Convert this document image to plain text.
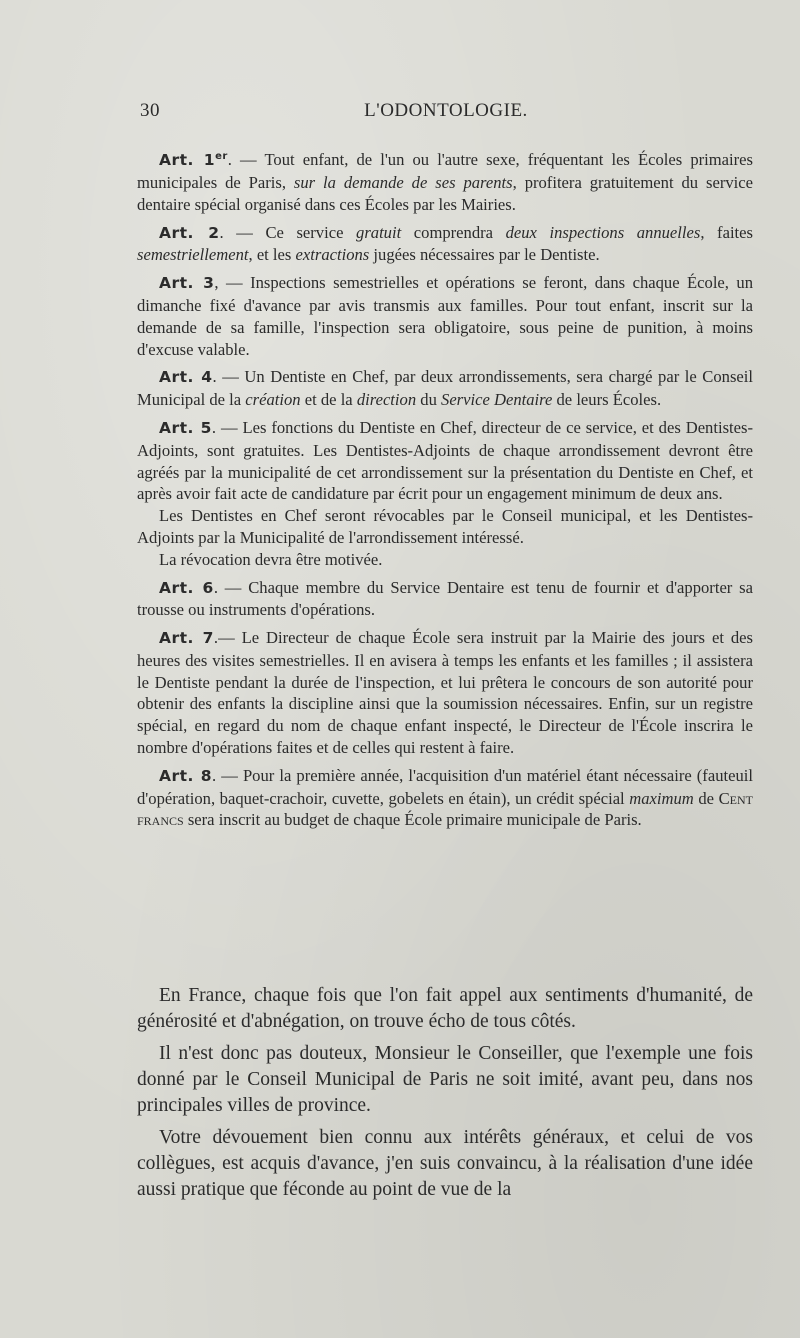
30	L'ODONTOLOGIE.

Art. 1er. — Tout enfant, de l'un ou l'autre sexe, fréquentant les Écoles primaires municipales de Paris, sur la demande de ses parents, profitera gratuitement du service dentaire spécial organisé dans ces Écoles par les Mairies.

Art. 2. — Ce service gratuit comprendra deux inspections annuelles, faites semestriellement, et les extractions jugées nécessaires par le Dentiste.

Art. 3, — Inspections semestrielles et opérations se feront, dans chaque École, un dimanche fixé d'avance par avis transmis aux familles. Pour tout enfant, inscrit sur la demande de sa famille, l'inspection sera obligatoire, sous peine de punition, à moins d'excuse valable.

Art. 4. — Un Dentiste en Chef, par deux arrondissements, sera chargé par le Conseil Municipal de la création et de la direction du Service Dentaire de leurs Écoles.

Art. 5. — Les fonctions du Dentiste en Chef, directeur de ce service, et des Dentistes-Adjoints, sont gratuites. Les Dentistes-Adjoints de chaque arrondissement devront être agréés par la municipalité de cet arrondissement sur la présentation du Dentiste en Chef, et après avoir fait acte de candidature par écrit pour un engagement minimum de deux ans.

Les Dentistes en Chef seront révocables par le Conseil municipal, et les Dentistes-Adjoints par la Municipalité de l'arrondissement intéressé.

La révocation devra être motivée.

Art. 6. — Chaque membre du Service Dentaire est tenu de fournir et d'apporter sa trousse ou instruments d'opérations.

Art. 7.— Le Directeur de chaque École sera instruit par la Mairie des jours et des heures des visites semestrielles. Il en avisera à temps les enfants et les familles ; il assistera le Dentiste pendant la durée de l'inspection, et lui prêtera le concours de son autorité pour obtenir des enfants la discipline ainsi que la soumission nécessaires. Enfin, sur un registre spécial, en regard du nom de chaque enfant inspecté, le Directeur de l'École inscrira le nombre d'opérations faites et de celles qui restent à faire.

Art. 8. — Pour la première année, l'acquisition d'un matériel étant nécessaire (fauteuil d'opération, baquet-crachoir, cuvette, gobelets en étain), un crédit spécial maximum de Cent francs sera inscrit au budget de chaque École primaire municipale de Paris.

En France, chaque fois que l'on fait appel aux sentiments d'humanité, de générosité et d'abnégation, on trouve écho de tous côtés.

Il n'est donc pas douteux, Monsieur le Conseiller, que l'exemple une fois donné par le Conseil Municipal de Paris ne soit imité, avant peu, dans nos principales villes de province.

Votre dévouement bien connu aux intérêts généraux, et celui de vos collègues, est acquis d'avance, j'en suis convaincu, à la réalisation d'une idée aussi pratique que féconde au point de vue de la
